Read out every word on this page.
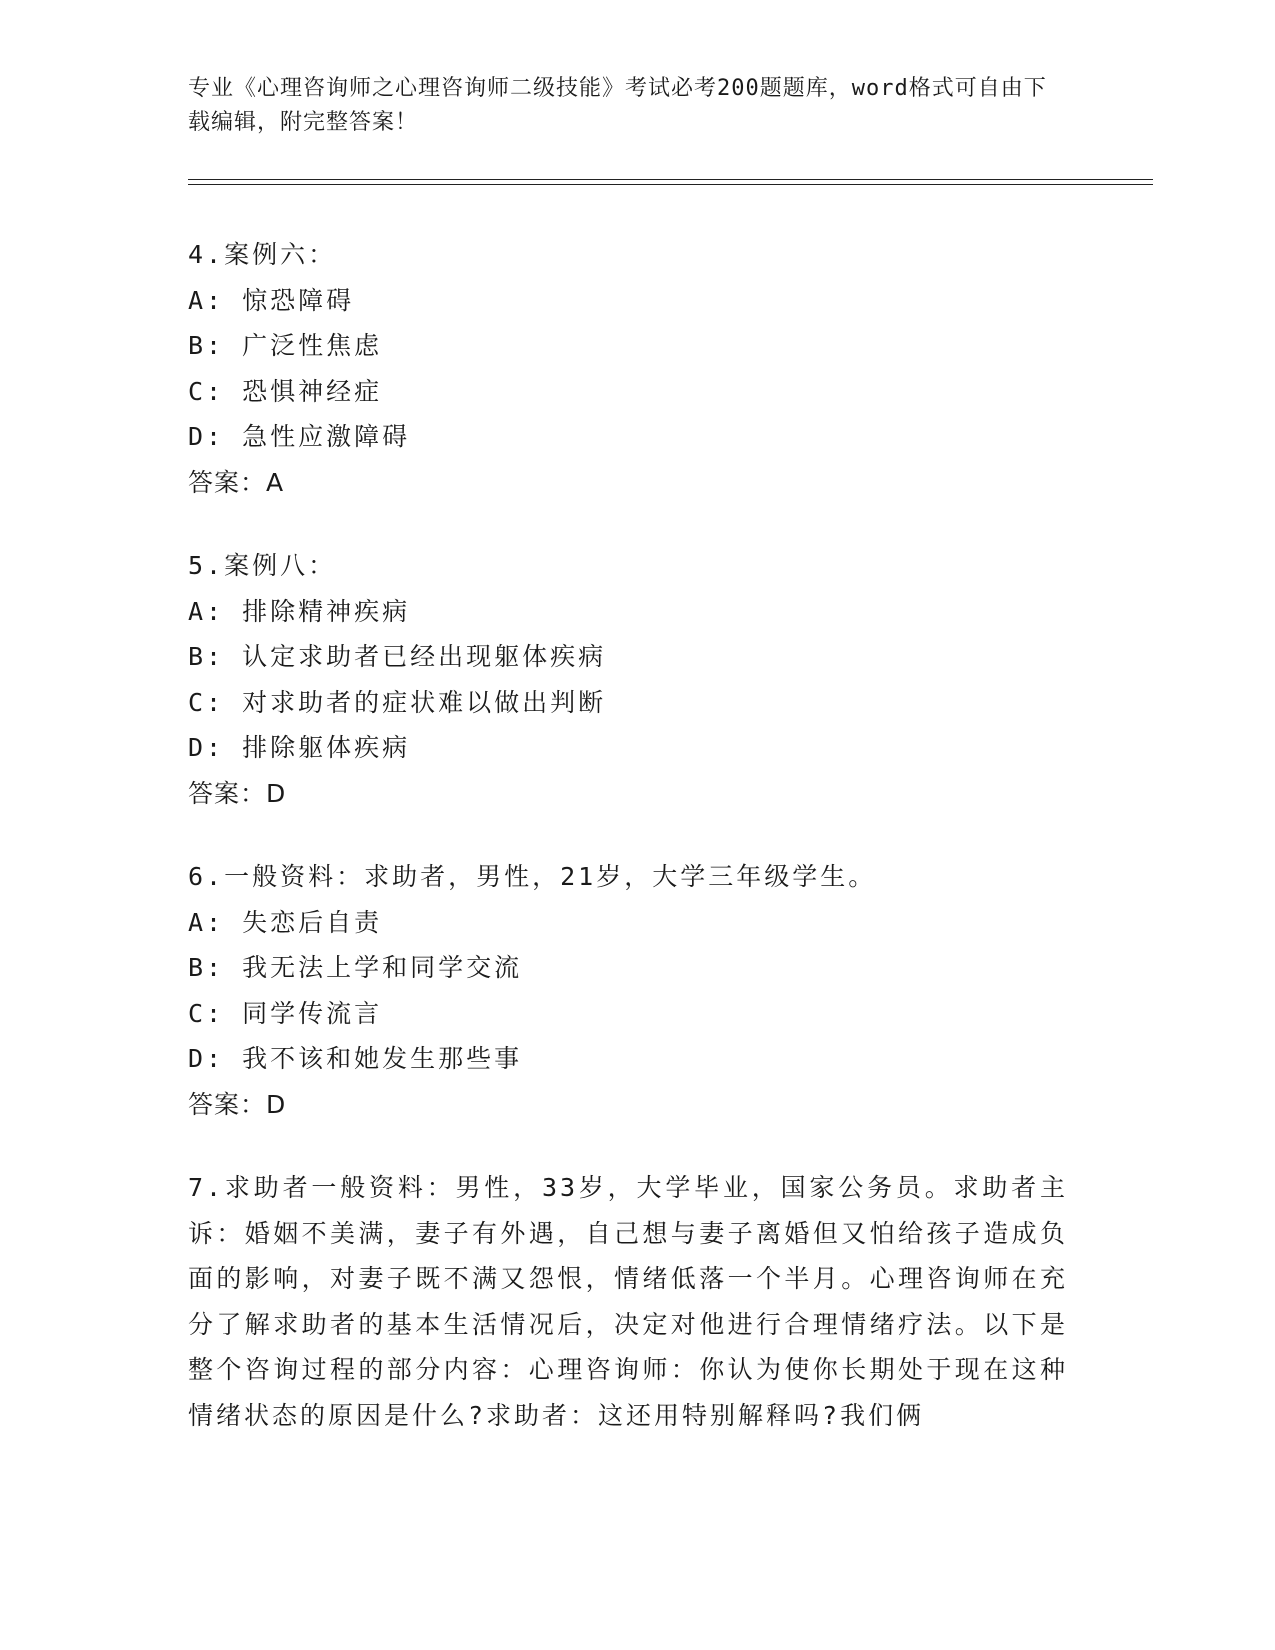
专业《心理咨询师之心理咨询师二级技能》考试必考200题题库，word格式可自由下载编辑，附完整答案！
4.案例六：
A: 惊恐障碍
B: 广泛性焦虑
C: 恐惧神经症
D: 急性应激障碍
答案：A
5.案例八：
A: 排除精神疾病
B: 认定求助者已经出现躯体疾病
C: 对求助者的症状难以做出判断
D: 排除躯体疾病
答案：D
6.一般资料：求助者，男性，21岁，大学三年级学生。
A: 失恋后自责
B: 我无法上学和同学交流
C: 同学传流言
D: 我不该和她发生那些事
答案：D
7.求助者一般资料：男性，33岁，大学毕业，国家公务员。求助者主诉：婚姻不美满，妻子有外遇，自己想与妻子离婚但又怕给孩子造成负面的影响，对妻子既不满又怨恨，情绪低落一个半月。心理咨询师在充分了解求助者的基本生活情况后，决定对他进行合理情绪疗法。以下是整个咨询过程的部分内容：心理咨询师：你认为使你长期处于现在这种情绪状态的原因是什么?求助者：这还用特别解释吗?我们俩
